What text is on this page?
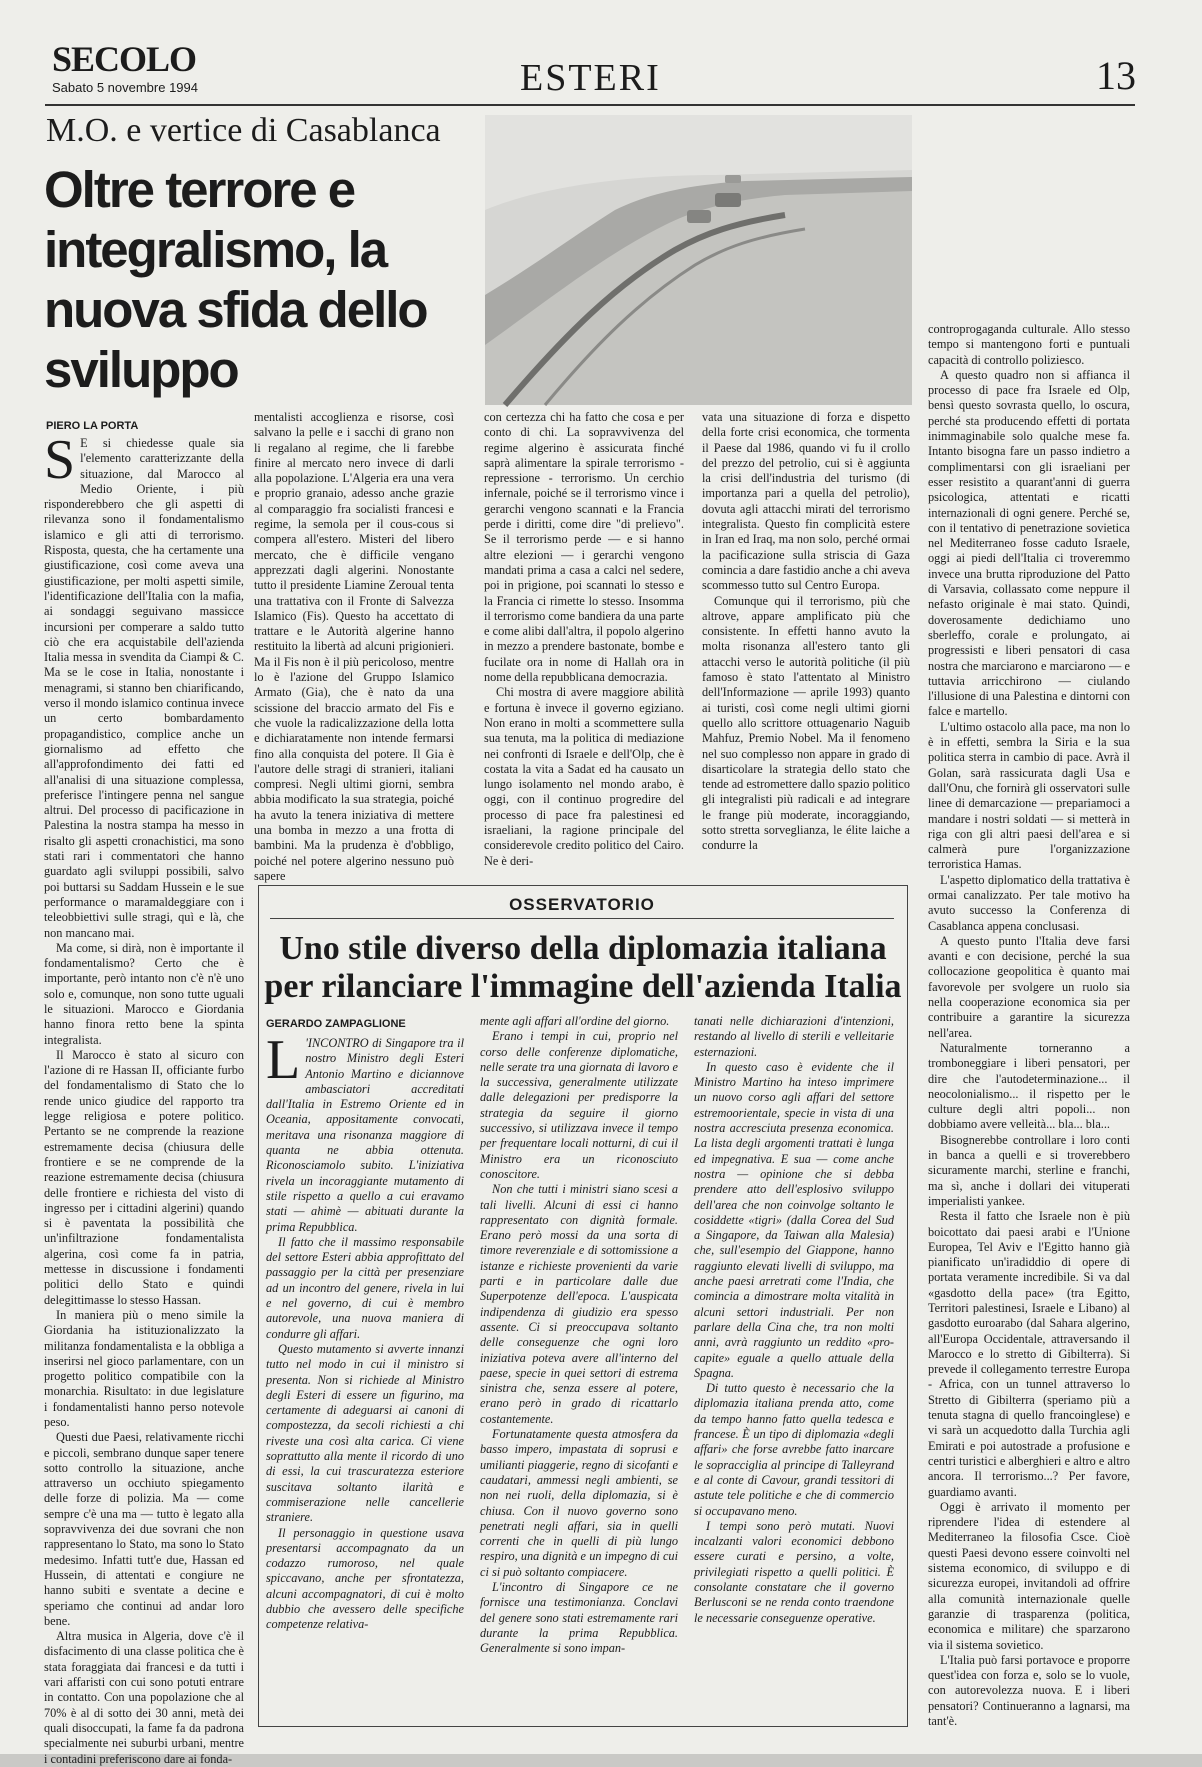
SECOLO
Sabato 5 novembre 1994	ESTERI	13
M.O. e vertice di Casablanca
Oltre terrore e integralismo, la nuova sfida dello sviluppo
PIERO LA PORTA
S E si chiedesse quale sia l'elemento caratterizzante della situazione, dal Marocco al Medio Oriente, i più risponderebbero che gli aspetti di rilevanza sono il fondamentalismo islamico e gli atti di terrorismo. Risposta, questa, che ha certamente una giustificazione, così come aveva una giustificazione, per molti aspetti simile, l'identificazione dell'Italia con la mafia, ai sondaggi seguivano massicce incursioni per comperare a saldo tutto ciò che era acquistabile dell'azienda Italia messa in svendita da Ciampi & C. Ma se le cose in Italia, nonostante i menagrami, si stanno ben chiarificando, verso il mondo islamico continua invece un certo bombardamento propagandistico, complice anche un giornalismo ad effetto che all'approfondimento dei fatti ed all'analisi di una situazione complessa, preferisce l'intingere penna nel sangue altrui. Del processo di pacificazione in Palestina la nostra stampa ha messo in risalto gli aspetti cronachistici, ma sono stati rari i commentatori che hanno guardato agli sviluppi possibili, salvo poi buttarsi su Saddam Hussein e le sue performance o maramaldeggiare con i teleobbiettivi sulle stragi, quì e là, che non mancano mai.

Ma come, si dirà, non è importante il fondamentalismo? Certo che è importante, però intanto non c'è n'è uno solo e, comunque, non sono tutte uguali le situazioni. Marocco e Giordania hanno finora retto bene la spinta integralista.

Il Marocco è stato al sicuro con l'azione di re Hassan II, officiante furbo del fondamentalismo di Stato che lo rende unico giudice del rapporto tra legge religiosa e potere politico. Pertanto se ne comprende la reazione estremamente decisa (chiusura delle frontiere e se ne comprende de la reazione estremamente decisa (chiusura delle frontiere e richiesta del visto di ingresso per i cittadini algerini) quando si è paventata la possibilità che un'infiltrazione fondamentalista algerina, così come fa in patria, mettesse in discussione i fondamenti politici dello Stato e quindi delegittimasse lo stesso Hassan.

In maniera più o meno simile la Giordania ha istituzionalizzato la militanza fondamentalista e la obbliga a inserirsi nel gioco parlamentare, con un progetto politico compatibile con la monarchia. Risultato: in due legislature i fondamentalisti hanno perso notevole peso.

Questi due Paesi, relativamente ricchi e piccoli, sembrano dunque saper tenere sotto controllo la situazione, anche attraverso un occhiuto spiegamento delle forze di polizia. Ma — come sempre c'è una ma — tutto è legato alla sopravvivenza dei due sovrani che non rappresentano lo Stato, ma sono lo Stato medesimo. Infatti tutt'e due, Hassan ed Hussein, di attentati e congiure ne hanno subiti e sventate a decine e speriamo che continui ad andar loro bene.

Altra musica in Algeria, dove c'è il disfacimento di una classe politica che è stata foraggiata dai francesi e da tutti i vari affaristi con cui sono potuti entrare in contatto. Con una popolazione che al 70% è al di sotto dei 30 anni, metà dei quali disoccupati, la fame fa da padrona specialmente nei suburbi urbani, mentre i contadini preferiscono dare ai fonda-

mentalisti accoglienza e risorse, così salvano la pelle e i sacchi di grano non li regalano al regime, che li farebbe finire al mercato nero invece di darli alla popolazione. L'Algeria era una vera e proprio granaio, adesso anche grazie al comparaggio fra socialisti francesi e regime, la semola per il cous-cous si compera all'estero. Misteri del libero mercato, che è difficile vengano apprezzati dagli algerini. Nonostante tutto il presidente Liamine Zeroual tenta una trattativa con il Fronte di Salvezza Islamico (Fis). Questo ha accettato di trattare e le Autorità algerine hanno restituito la libertà ad alcuni prigionieri. Ma il Fis non è il più pericoloso, mentre lo è l'azione del Gruppo Islamico Armato (Gia), che è nato da una scissione del braccio armato del Fis e che vuole la radicalizzazione della lotta e dichiaratamente non intende fermarsi fino alla conquista del potere. Il Gia è l'autore delle stragi di stranieri, italiani compresi. Negli ultimi giorni, sembra abbia modificato la sua strategia, poiché ha avuto la tenera iniziativa di mettere una bomba in mezzo a una frotta di bambini. Ma la prudenza è d'obbligo, poiché nel potere algerino nessuno può sapere

con certezza chi ha fatto che cosa e per conto di chi. La sopravvivenza del regime algerino è assicurata finché saprà alimentare la spirale terrorismo - repressione - terrorismo. Un cerchio infernale, poiché se il terrorismo vince i gerarchi vengono scannati e la Francia perde i diritti, come dire "di prelievo". Se il terrorismo perde — e si hanno altre elezioni — i gerarchi vengono mandati prima a casa a calci nel sedere, poi in prigione, poi scannati lo stesso e la Francia ci rimette lo stesso. Insomma il terrorismo come bandiera da una parte e come alibi dall'altra, il popolo algerino in mezzo a prendere bastonate, bombe e fucilate ora in nome di Hallah ora in nome della repubblicana democrazia.

Chi mostra di avere maggiore abilità e fortuna è invece il governo egiziano. Non erano in molti a scommettere sulla sua tenuta, ma la politica di mediazione nei confronti di Israele e dell'Olp, che è costata la vita a Sadat ed ha causato un lungo isolamento nel mondo arabo, è oggi, con il continuo progredire del processo di pace fra palestinesi ed israeliani, la ragione principale del considerevole credito politico del Cairo. Ne è deri-

vata una situazione di forza e dispetto della forte crisi economica, che tormenta il Paese dal 1986, quando vi fu il crollo del prezzo del petrolio, cui si è aggiunta la crisi dell'industria del turismo (di importanza pari a quella del petrolio), dovuta agli attacchi mirati del terrorismo integralista. Questo fin complicità estere in Iran ed Iraq, ma non solo, perché ormai la pacificazione sulla striscia di Gaza comincia a dare fastidio anche a chi aveva scommesso tutto sul Centro Europa.

Comunque qui il terrorismo, più che altrove, appare amplificato più che consistente. In effetti hanno avuto la molta risonanza all'estero tanto gli attacchi verso le autorità politiche (il più famoso è stato l'attentato al Ministro dell'Informazione — aprile 1993) quanto ai turisti, così come negli ultimi giorni quello allo scrittore ottuagenario Naguib Mahfuz, Premio Nobel. Ma il fenomeno nel suo complesso non appare in grado di disarticolare la strategia dello stato che tende ad estromettere dallo spazio politico gli integralisti più radicali e ad integrare le frange più moderate, incoraggiando, sotto stretta sorveglianza, le élite laiche a condurre la

controprogaganda culturale. Allo stesso tempo si mantengono forti e puntuali capacità di controllo poliziesco.

A questo quadro non si affianca il processo di pace fra Israele ed Olp, bensì questo sovrasta quello, lo oscura, perché sta producendo effetti di portata inimmaginabile solo qualche mese fa. Intanto bisogna fare un passo indietro a complimentarsi con gli israeliani per esser resistito a quarant'anni di guerra psicologica, attentati e ricatti internazionali di ogni genere. Perché se, con il tentativo di penetrazione sovietica nel Mediterraneo fosse caduto Israele, oggi ai piedi dell'Italia ci troveremmo invece una brutta riproduzione del Patto di Varsavia, collassato come neppure il nefasto originale è mai stato. Quindi, doverosamente dedichiamo uno sberleffo, corale e prolungato, ai progressisti e liberi pensatori di casa nostra che marciarono e marciarono — e tuttavia arricchirono — ciulando l'illusione di una Palestina e dintorni con falce e martello.

L'ultimo ostacolo alla pace, ma non lo è in effetti, sembra la Siria e la sua politica sterra in cambio di pace. Avrà il Golan, sarà rassicurata dagli Usa e dall'Onu, che fornirà gli osservatori sulle linee di demarcazione — prepariamoci a mandare i nostri soldati — si metterà in riga con gli altri paesi dell'area e si calmerà pure l'organizzazione terroristica Hamas.

L'aspetto diplomatico della trattativa è ormai canalizzato. Per tale motivo ha avuto successo la Conferenza di Casablanca appena conclusasi.

A questo punto l'Italia deve farsi avanti e con decisione, perché la sua collocazione geopolitica è quanto mai favorevole per svolgere un ruolo sia nella cooperazione economica sia per contribuire a garantire la sicurezza nell'area.

Naturalmente torneranno a tromboneggiare i liberi pensatori, per dire che l'autodeterminazione... il neocolonialismo... il rispetto per le culture degli altri popoli... non dobbiamo avere velleità... bla... bla...

Bisognerebbe controllare i loro conti in banca a quelli e si troverebbero sicuramente marchi, sterline e franchi, ma sì, anche i dollari dei vituperati imperialisti yankee.

Resta il fatto che Israele non è più boicottato dai paesi arabi e l'Unione Europea, Tel Aviv e l'Egitto hanno già pianificato un'iradiddio di opere di portata veramente incredibile. Si va dal «gasdotto della pace» (tra Egitto, Territori palestinesi, Israele e Libano) al gasdotto euroarabo (dal Sahara algerino, all'Europa Occidentale, attraversando il Marocco e lo stretto di Gibilterra). Si prevede il collegamento terrestre Europa - Africa, con un tunnel attraverso lo Stretto di Gibilterra (speriamo più a tenuta stagna di quello francoinglese) e vi sarà un acquedotto dalla Turchia agli Emirati e poi autostrade a profusione e centri turistici e alberghieri e altro e altro ancora. Il terrorismo...? Per favore, guardiamo avanti.

Oggi è arrivato il momento per riprendere l'idea di estendere al Mediterraneo la filosofia Csce. Cioè questi Paesi devono essere coinvolti nel sistema economico, di sviluppo e di sicurezza europei, invitandoli ad offrire alla comunità internazionale quelle garanzie di trasparenza (politica, economica e militare) che sparzarono via il sistema sovietico.

L'Italia può farsi portavoce e proporre quest'idea con forza e, solo se lo vuole, con autorevolezza nuova. E i liberi pensatori? Continueranno a lagnarsi, ma tant'è.

OSSERVATORIO
Uno stile diverso della diplomazia italiana per rilanciare l'immagine dell'azienda Italia
GERARDO ZAMPAGLIONE
L 'INCONTRO di Singapore tra il nostro Ministro degli Esteri Antonio Martino e diciannove ambasciatori accreditati dall'Italia in Estremo Oriente ed in Oceania, appositamente convocati, meritava una risonanza maggiore di quanta ne abbia ottenuta. Riconosciamolo subito. L'iniziativa rivela un incoraggiante mutamento di stile rispetto a quello a cui eravamo stati — ahimè — abituati durante la prima Repubblica.

Il fatto che il massimo responsabile del settore Esteri abbia approfittato del passaggio per la città per presenziare ad un incontro del genere, rivela in lui e nel governo, di cui è membro autorevole, una nuova maniera di condurre gli affari.

Questo mutamento si avverte innanzi tutto nel modo in cui il ministro si presenta. Non si richiede al Ministro degli Esteri di essere un figurino, ma certamente di adeguarsi ai canoni di compostezza, da secoli richiesti a chi riveste una così alta carica. Ci viene soprattutto alla mente il ricordo di uno di essi, la cui trascuratezza esteriore suscitava soltanto ilarità e commiserazione nelle cancellerie straniere.

Il personaggio in questione usava presentarsi accompagnato da un codazzo rumoroso, nel quale spiccavano, anche per sfrontatezza, alcuni accompagnatori, di cui è molto dubbio che avessero delle specifiche competenze relativa-

mente agli affari all'ordine del giorno.

Erano i tempi in cui, proprio nel corso delle conferenze diplomatiche, nelle serate tra una giornata di lavoro e la successiva, generalmente utilizzate dalle delegazioni per predisporre la strategia da seguire il giorno successivo, si utilizzava invece il tempo per frequentare locali notturni, di cui il Ministro era un riconosciuto conoscitore.

Non che tutti i ministri siano scesi a tali livelli. Alcuni di essi ci hanno rappresentato con dignità formale. Erano però mossi da una sorta di timore reverenziale e di sottomissione a istanze e richieste provenienti da varie parti e in particolare dalle due Superpotenze dell'epoca. L'auspicata indipendenza di giudizio era spesso assente. Ci si preoccupava soltanto delle conseguenze che ogni loro iniziativa poteva avere all'interno del paese, specie in quei settori di estrema sinistra che, senza essere al potere, erano però in grado di ricattarlo costantemente.

Fortunatamente questa atmosfera da basso impero, impastata di soprusi e umilianti piaggerie, regno di sicofanti e caudatari, ammessi negli ambienti, se non nei ruoli, della diplomazia, si è chiusa. Con il nuovo governo sono penetrati negli affari, sia in quelli correnti che in quelli di più lungo respiro, una dignità e un impegno di cui ci si può soltanto compiacere.

L'incontro di Singapore ce ne fornisce una testimonianza. Conclavi del genere sono stati estremamente rari durante la prima Repubblica. Generalmente si sono impan-

tanati nelle dichiarazioni d'intenzioni, restando al livello di sterili e velleitarie esternazioni.

In questo caso è evidente che il Ministro Martino ha inteso imprimere un nuovo corso agli affari del settore estremoorientale, specie in vista di una nostra accresciuta presenza economica. La lista degli argomenti trattati è lunga ed impegnativa. E sua — come anche nostra — opinione che si debba prendere atto dell'esplosivo sviluppo dell'area che non coinvolge soltanto le cosiddette «tigri» (dalla Corea del Sud a Singapore, da Taiwan alla Malesia) che, sull'esempio del Giappone, hanno raggiunto elevati livelli di sviluppo, ma anche paesi arretrati come l'India, che comincia a dimostrare molta vitalità in alcuni settori industriali. Per non parlare della Cina che, tra non molti anni, avrà raggiunto un reddito «pro-capite» eguale a quello attuale della Spagna.

Di tutto questo è necessario che la diplomazia italiana prenda atto, come da tempo hanno fatto quella tedesca e francese. È un tipo di diplomazia «degli affari» che forse avrebbe fatto inarcare le sopracciglia al principe di Talleyrand e al conte di Cavour, grandi tessitori di astute tele politiche e che di commercio si occupavano meno.

I tempi sono però mutati. Nuovi incalzanti valori economici debbono essere curati e persino, a volte, privilegiati rispetto a quelli politici. È consolante constatare che il governo Berlusconi se ne renda conto traendone le necessarie conseguenze operative.
